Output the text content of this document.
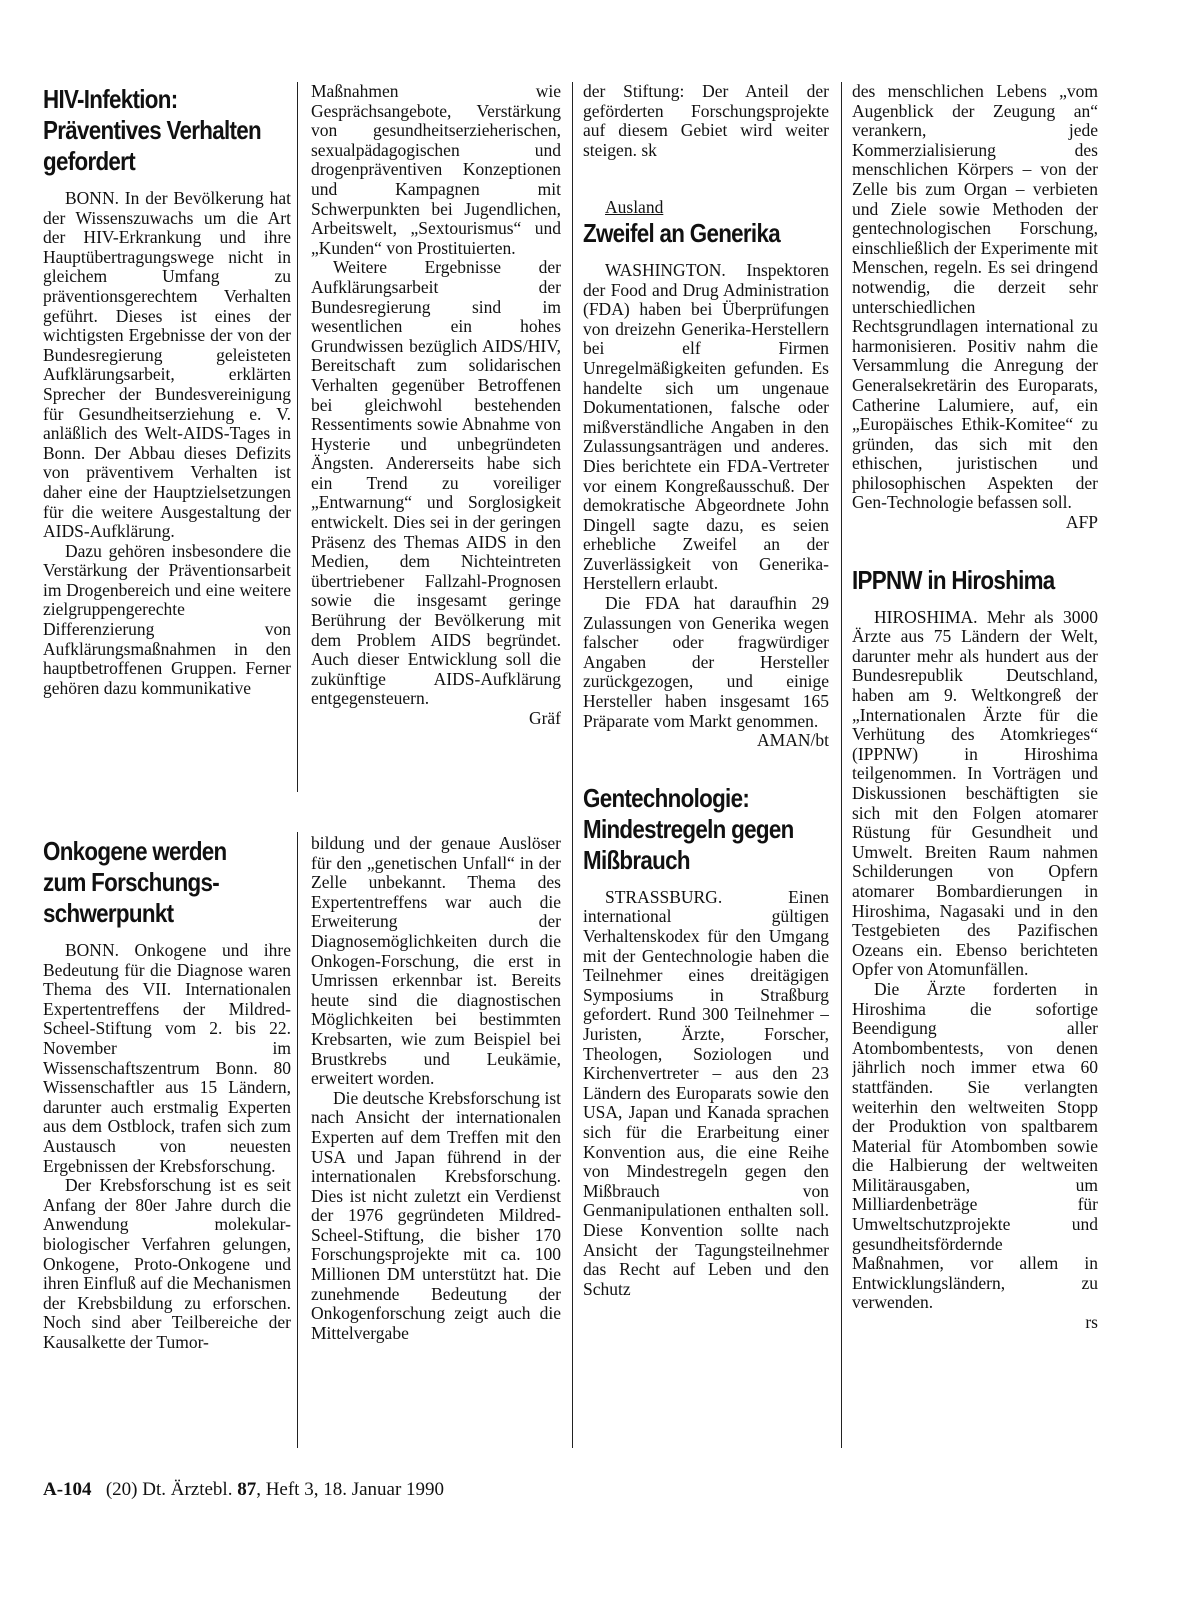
HIV-Infektion:
Präventives Verhalten
gefordert

BONN. In der Bevölkerung hat der Wissenszuwachs um die Art der HIV-Erkrankung und ihre Hauptübertragungswege nicht in gleichem Umfang zu präventionsgerechtem Verhalten geführt. Dieses ist eines der wichtigsten Ergebnisse der von der Bundesregierung geleisteten Aufklärungsarbeit, erklärten Sprecher der Bundesvereinigung für Gesundheitserziehung e. V. anläßlich des Welt-AIDS-Tages in Bonn. Der Abbau dieses Defizits von präventivem Verhalten ist daher eine der Hauptzielsetzungen für die weitere Ausgestaltung der AIDS-Aufklärung.

Dazu gehören insbesondere die Verstärkung der Präventionsarbeit im Drogenbereich und eine weitere zielgruppengerechte Differenzierung von Aufklärungsmaßnahmen in den hauptbetroffenen Gruppen. Ferner gehören dazu kommunikative

Onkogene werden
zum Forschungs-
schwerpunkt

BONN. Onkogene und ihre Bedeutung für die Diagnose waren Thema des VII. Internationalen Expertentreffens der Mildred-Scheel-Stiftung vom 2. bis 22. November im Wissenschaftszentrum Bonn. 80 Wissenschaftler aus 15 Ländern, darunter auch erstmalig Experten aus dem Ostblock, trafen sich zum Austausch von neuesten Ergebnissen der Krebsforschung.

Der Krebsforschung ist es seit Anfang der 80er Jahre durch die Anwendung molekular-biologischer Verfahren gelungen, Onkogene, Proto-Onkogene und ihren Einfluß auf die Mechanismen der Krebsbildung zu erforschen. Noch sind aber Teilbereiche der Kausalkette der Tumor-

Maßnahmen wie Gesprächsangebote, Verstärkung von gesundheitserzieherischen, sexualpädagogischen und drogenpräventiven Konzeptionen und Kampagnen mit Schwerpunkten bei Jugendlichen, Arbeitswelt, „Sextourismus“ und „Kunden“ von Prostituierten.

Weitere Ergebnisse der Aufklärungsarbeit der Bundesregierung sind im wesentlichen ein hohes Grundwissen bezüglich AIDS/HIV, Bereitschaft zum solidarischen Verhalten gegenüber Betroffenen bei gleichwohl bestehenden Ressentiments sowie Abnahme von Hysterie und unbegründeten Ängsten. Andererseits habe sich ein Trend zu voreiliger „Entwarnung“ und Sorglosigkeit entwickelt. Dies sei in der geringen Präsenz des Themas AIDS in den Medien, dem Nichteintreten übertriebener Fallzahl-Prognosen sowie die insgesamt geringe Berührung der Bevölkerung mit dem Problem AIDS begründet. Auch dieser Entwicklung soll die zukünftige AIDS-Aufklärung entgegensteuern.

Gräf

bildung und der genaue Auslöser für den „genetischen Unfall“ in der Zelle unbekannt. Thema des Expertentreffens war auch die Erweiterung der Diagnosemöglichkeiten durch die Onkogen-Forschung, die erst in Umrissen erkennbar ist. Bereits heute sind die diagnostischen Möglichkeiten bei bestimmten Krebsarten, wie zum Beispiel bei Brustkrebs und Leukämie, erweitert worden.

Die deutsche Krebsforschung ist nach Ansicht der internationalen Experten auf dem Treffen mit den USA und Japan führend in der internationalen Krebsforschung. Dies ist nicht zuletzt ein Verdienst der 1976 gegründeten Mildred-Scheel-Stiftung, die bisher 170 Forschungsprojekte mit ca. 100 Millionen DM unterstützt hat. Die zunehmende Bedeutung der Onkogenforschung zeigt auch die Mittelvergabe

der Stiftung: Der Anteil der geförderten Forschungsprojekte auf diesem Gebiet wird weiter steigen. sk

Ausland

Zweifel an Generika

WASHINGTON. Inspektoren der Food and Drug Administration (FDA) haben bei Überprüfungen von dreizehn Generika-Herstellern bei elf Firmen Unregelmäßigkeiten gefunden. Es handelte sich um ungenaue Dokumentationen, falsche oder mißverständliche Angaben in den Zulassungsanträgen und anderes. Dies berichtete ein FDA-Vertreter vor einem Kongreßausschuß. Der demokratische Abgeordnete John Dingell sagte dazu, es seien erhebliche Zweifel an der Zuverlässigkeit von Generika-Herstellern erlaubt.

Die FDA hat daraufhin 29 Zulassungen von Generika wegen falscher oder fragwürdiger Angaben der Hersteller zurückgezogen, und einige Hersteller haben insgesamt 165 Präparate vom Markt genommen.

AMAN/bt

Gentechnologie:
Mindestregeln gegen
Mißbrauch

STRASSBURG. Einen international gültigen Verhaltenskodex für den Umgang mit der Gentechnologie haben die Teilnehmer eines dreitägigen Symposiums in Straßburg gefordert. Rund 300 Teilnehmer – Juristen, Ärzte, Forscher, Theologen, Soziologen und Kirchenvertreter – aus den 23 Ländern des Europarats sowie den USA, Japan und Kanada sprachen sich für die Erarbeitung einer Konvention aus, die eine Reihe von Mindestregeln gegen den Mißbrauch von Genmanipulationen enthalten soll. Diese Konvention sollte nach Ansicht der Tagungsteilnehmer das Recht auf Leben und den Schutz

des menschlichen Lebens „vom Augenblick der Zeugung an“ verankern, jede Kommerzialisierung des menschlichen Körpers – von der Zelle bis zum Organ – verbieten und Ziele sowie Methoden der gentechnologischen Forschung, einschließlich der Experimente mit Menschen, regeln. Es sei dringend notwendig, die derzeit sehr unterschiedlichen Rechtsgrundlagen international zu harmonisieren. Positiv nahm die Versammlung die Anregung der Generalsekretärin des Europarats, Catherine Lalumiere, auf, ein „Europäisches Ethik-Komitee“ zu gründen, das sich mit den ethischen, juristischen und philosophischen Aspekten der Gen-Technologie befassen soll.

AFP

IPPNW in Hiroshima

HIROSHIMA. Mehr als 3000 Ärzte aus 75 Ländern der Welt, darunter mehr als hundert aus der Bundesrepublik Deutschland, haben am 9. Weltkongreß der „Internationalen Ärzte für die Verhütung des Atomkrieges“ (IPPNW) in Hiroshima teilgenommen. In Vorträgen und Diskussionen beschäftigten sie sich mit den Folgen atomarer Rüstung für Gesundheit und Umwelt. Breiten Raum nahmen Schilderungen von Opfern atomarer Bombardierungen in Hiroshima, Nagasaki und in den Testgebieten des Pazifischen Ozeans ein. Ebenso berichteten Opfer von Atomunfällen.

Die Ärzte forderten in Hiroshima die sofortige Beendigung aller Atombombentests, von denen jährlich noch immer etwa 60 stattfänden. Sie verlangten weiterhin den weltweiten Stopp der Produktion von spaltbarem Material für Atombomben sowie die Halbierung der weltweiten Militärausgaben, um Milliardenbeträge für Umweltschutzprojekte und gesundheitsfördernde Maßnahmen, vor allem in Entwicklungsländern, zu verwenden.

rs

A-104 (20) Dt. Ärztebl. 87, Heft 3, 18. Januar 1990
